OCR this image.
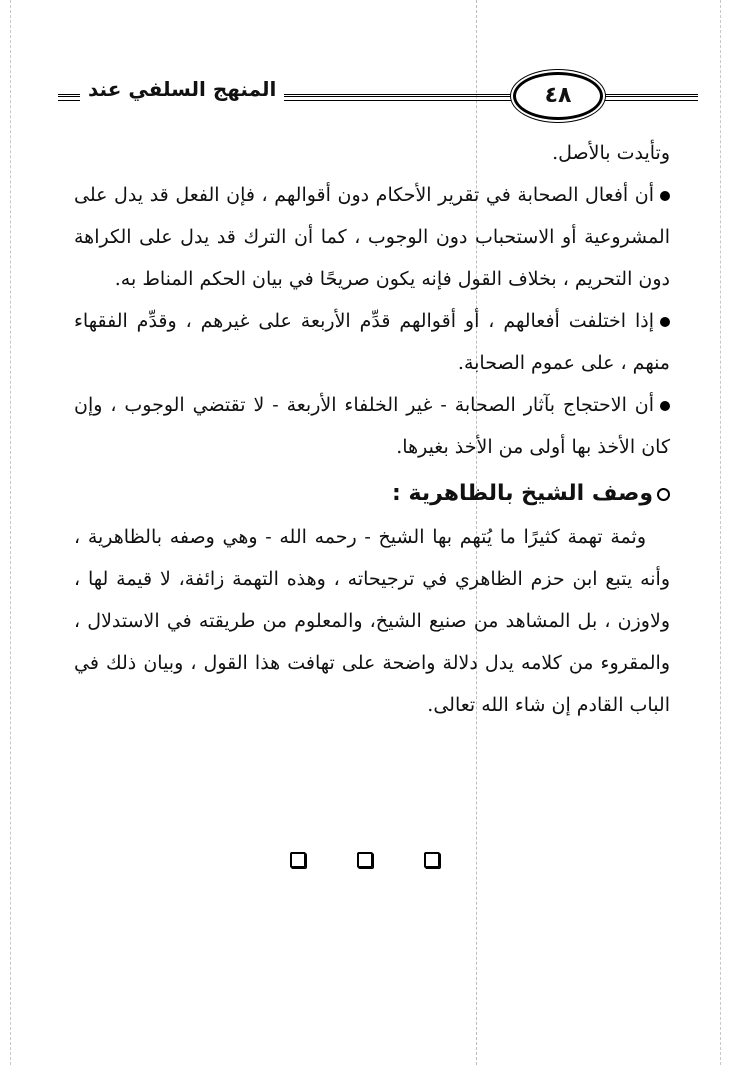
المنهج السلفي عند	٤٨

وتأيدت بالأصل.

أن أفعال الصحابة في تقرير الأحكام دون أقوالهم ، فإن الفعل قد يدل على المشروعية أو الاستحباب دون الوجوب ، كما أن الترك قد يدل على الكراهة دون التحريم ، بخلاف القول فإنه يكون صريحًا في بيان الحكم المناط به.

إذا اختلفت أفعالهم ، أو أقوالهم قدِّم الأربعة على غيرهم ، وقدِّم الفقهاء منهم ، على عموم الصحابة.

أن الاحتجاج بآثار الصحابة - غير الخلفاء الأربعة - لا تقتضي الوجوب ، وإن كان الأخذ بها أولى من الأخذ بغيرها.

وصف الشيخ بالظاهرية :

وثمة تهمة كثيرًا ما يُتهم بها الشيخ - رحمه الله - وهي وصفه بالظاهرية ، وأنه يتبع ابن حزم الظاهري في ترجيحاته ، وهذه التهمة زائفة، لا قيمة لها ، ولاوزن ، بل المشاهد من صنيع الشيخ، والمعلوم من طريقته في الاستدلال ، والمقروء من كلامه يدل دلالة واضحة على تهافت هذا القول ، وبيان ذلك في الباب القادم إن شاء الله تعالى.
